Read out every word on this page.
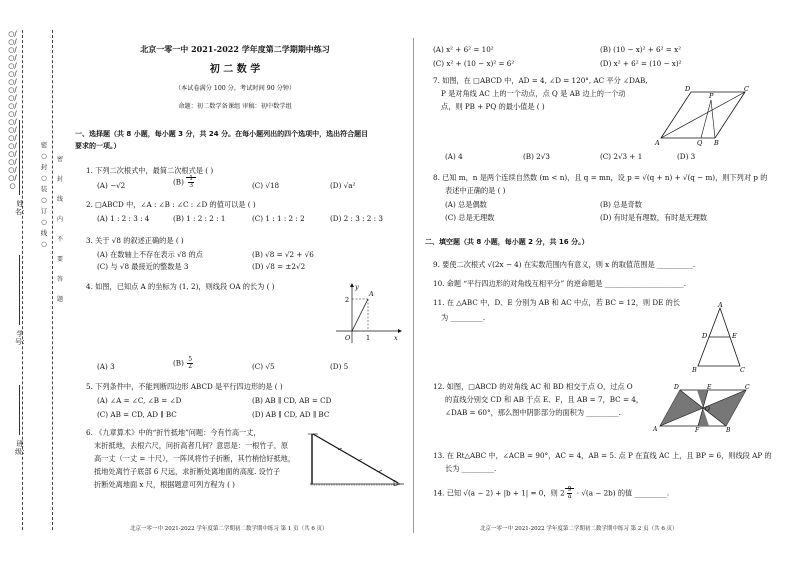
○/○/○/○/○/○/○/○/○/○/○/○/○/○/○/○/○/○/○/○
姓名：
学号：
班级：
密○封○装○订○线○
密 封 线 内 不 要 答 题
北京一零一中 2021-2022 学年度第二学期期中练习
初 二 数 学
（本试卷满分 100 分，考试时间 90 分钟）
命题：初二数学备课组 审稿：初中数学组
一、选择题（共 8 小题，每小题 3 分，共 24 分。在每小题列出的四个选项中，选出符合题目
要求的一项。）
1. 下列二次根式中，最简二次根式是 ( )
(A) −√2	$(B) \frac{1}{3}$	(C) √18	(D) √a²
2. □ABCD 中，∠A : ∠B : ∠C : ∠D 的值可以是 ( )
(A) 1 : 2 : 3 : 4	(B) 1 : 2 : 2 : 1	(C) 1 : 1 : 2 : 2	(D) 2 : 3 : 2 : 3
3. 关于 √8 的叙述正确的是 ( )
(A) 在数轴上不存在表示 √8 的点	(B) √8 = √2 + √6
(C) 与 √8 最接近的整数是 3	(D) √8 = ±2√2
4. 如图，已知点 A 的坐标为 (1, 2)，则线段 OA 的长为 ( )
A
y
x
2
1
O
(A) 3	$(B) \frac{5}{2}$	(C) √5	(D) 5
5. 下列条件中，不能判断四边形 ABCD 是平行四边形的是 ( )
(A) ∠A = ∠C, ∠B = ∠D	(B) AB ∥ CD, AB = CD
(C) AB = CD, AD ∥ BC	(D) AB ∥ CD, AD ∥ BC
6. 《九章算术》中的“折竹抵地”问题：今有竹高一丈，
末折抵地，去根六尺，问折高者几何？意思是：一根竹子，原
高一丈（一丈 = 十尺），一阵风将竹子折断，其竹梢恰好抵地，
抵地处离竹子底部 6 尺远，求折断处离地面的高度. 设竹子
折断处离地面 x 尺，根据题意可列方程为 ( )
(A) x² + 6² = 10²	(B) (10 − x)² + 6² = x²
(C) x² + (10 − x)² = 6²	(D) x² + 6² = (10 − x)²
7. 如图，在 □ABCD 中，AD = 4, ∠D = 120°, AC 平分 ∠DAB,
P 是对角线 AC 上的一个动点，点 Q 是 AB 边上的一个动
点，则 PB + PQ 的最小值是 ( )
D	C
P
A	Q B
(A) 4	(B) 2√3	(C) 2√3 + 1	(D) 3
8. 已知 m，n 是两个连续自然数 (m < n)，且 q = mn，设 p = √(q + n) + √(q − m)，则下列对 p 的
表述中正确的是 ( )
(A) 总是偶数	(B) 总是奇数
(C) 总是无理数	(D) 有时是有理数，有时是无理数
二、填空题（共 8 小题，每小题 2 分，共 16 分。）
9. 要使二次根式 √(2x − 4) 在实数范围内有意义，则 x 的取值范围是 __________.
10. 命题 “平行四边形的对角线互相平分” 的逆命题是 ______________________.
11. 在 △ABC 中，D、E 分别为 AB 和 AC 中点，若 BC = 12，则 DE 的长
为 _________.
A
D	E
B	C
12. 如图，□ABCD 的对角线 AC 和 BD 相交于点 O，过点 O
的直线分别交 CD 和 AB 于点 E、F，且 AB = 7，BC = 4，
∠DAB = 60°，那么图中阴影部分的面积为 _________.
D	E	C
O
A	F	B
13. 在 Rt△ABC 中，∠ACB = 90°，AC = 4，AB = 5. 点 P 在直线 AC 上，且 BP = 6，则线段 AP 的
长为 _________.
14. 已知 √(a − 2) + |b + 1| = 0，则 $2 \frac{9}{a} \cdot √(a - 2b)$ 的值 _________.
北京一零一中 2021-2022 学年度第二学期初二数学期中练习 第 1 页（共 6 页）	北京一零一中 2021-2022 学年度第二学期初二数学期中练习 第 2 页（共 6 页）
